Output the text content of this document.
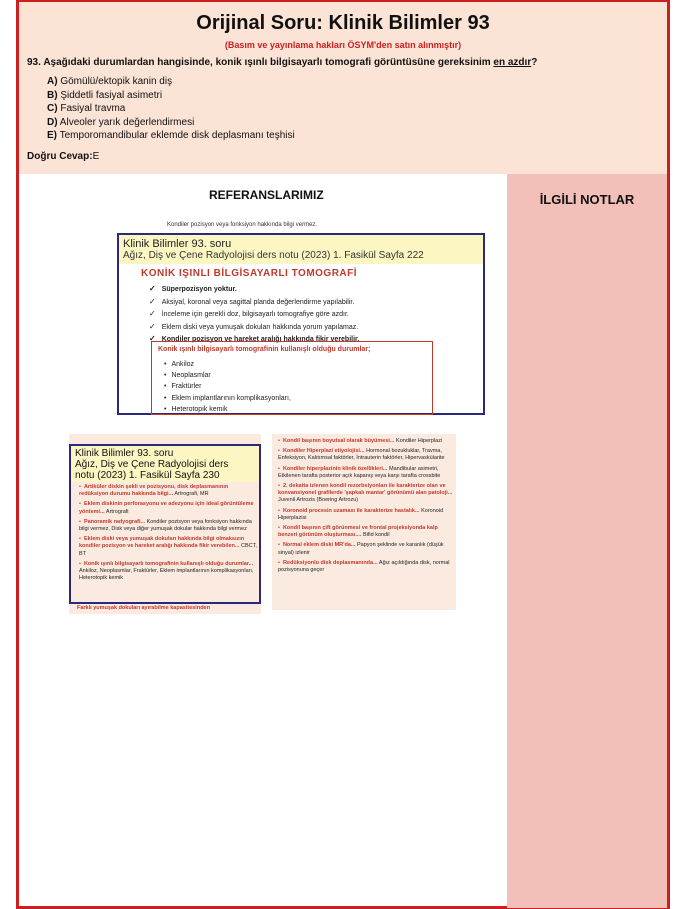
Orijinal Soru: Klinik Bilimler 93
(Basım ve yayınlama hakları ÖSYM'den satın alınmıştır)
93. Aşağıdaki durumlardan hangisinde, konik ışınlı bilgisayarlı tomografi görüntüsüne gereksinim en azdır?
A) Gömülü/ektopik kanin diş
B) Şiddetli fasiyal asimetri
C) Fasiyal travma
D) Alveoler yarık değerlendirmesi
E) Temporomandibular eklemde disk deplasmanı teşhisi
Doğru Cevap:E
REFERANSLARIMIZ
Kondiler pozisyon veya fonksiyon hakkında bilgi vermez.
Klinik Bilimler 93. soru
Ağız, Diş ve Çene Radyolojisi ders notu (2023) 1. Fasikül Sayfa 222
KONİK IŞINLI BİLGİSAYARLI TOMOGRAFİ
✓ Süperpozisyon yoktur.
✓ Aksiyal, koronal veya sagittal planda değerlendirme yapılabilir.
✓ İnceleme için gerekli doz, bilgisayarlı tomografiye göre azdır.
✓ Eklem diski veya yumuşak dokuları hakkında yorum yapılamaz.
✓ Kondiler pozisyon ve hareket aralığı hakkında fikir verebilir.
Konik ışınlı bilgisayarlı tomografinin kullanışlı olduğu durumlar;
• Ankiloz
• Neoplasmlar
• Fraktürler
• Eklem implantlarının komplikasyonları,
• Heterotopik kemik
Klinik Bilimler 93. soru
Ağız, Diş ve Çene Radyolojisi ders
notu (2023) 1. Fasikül Sayfa 230
• Artiküler diskin şekli ve pozisyonu, disk deplasmanının redüksiyon durumu hakkında bilgi... Artrografi, MR
• Eklem diskinin perforasyonu ve adezyonu için ideal görüntüleme yöntemi... Artrografi
• Panoramik radyografi... Kondiler pozisyon veya fonksiyon hakkında bilgi vermez, Disk veya diğer yumuşak dokular hakkında bilgi vermez
• Eklem diski veya yumuşak dokuları hakkında bilgi olmaksızın kondiler pozisyon ve hareket aralığı hakkında fikir verebilen... CBCT, BT
• Konik ışınlı bilgisayarlı tomografinin kullanışlı olduğu durumlar... Ankiloz, Neoplasmlar, Fraktürler, Eklem implantlarının komplikasyonları, Heterotopik kemik
Farklı yumuşak dokuları ayırabilme kapasitesinden
• Kondil başının boyutsal olarak büyümesi... Kondiler Hiperplazi
• Kondiler Hiperplazi etiyolojisi... Hormonal bozukluklar, Travma, Enfeksiyon, Kalıtımsal faktörler, İntrauterin faktörler, Hipervaskülarite
• Kondiler hiperplazinin klinik özellikleri... Mandibular asimetri, Etkilenen tarafta posterior açık kapanış veya karşı tarafta crossbite
• 2. dekatta izlenen kondil rezorbsiyonları ile karakterize olan ve konvansiyonel grafilerde 'şapkalı mantar' görünümü alan patoloji... Juvenil Artrozis (Boering Artrozu)
• Koronoid procesin uzaması ile karakterize hastalık... Koronoid Hiperplazisi
• Kondil başının çift görünmesi ve frontal projeksiyonda kalp benzeri görünüm oluşturması.... Bifid kondil
• Normal eklem diski MR'da... Papyon şeklinde ve karanlık (düşük sinyal) izlenir
• Redüksiyonlu disk deplasmanında... Ağız açıldığında disk, normal pozisyonuna geçer
İLGİLİ NOTLAR
